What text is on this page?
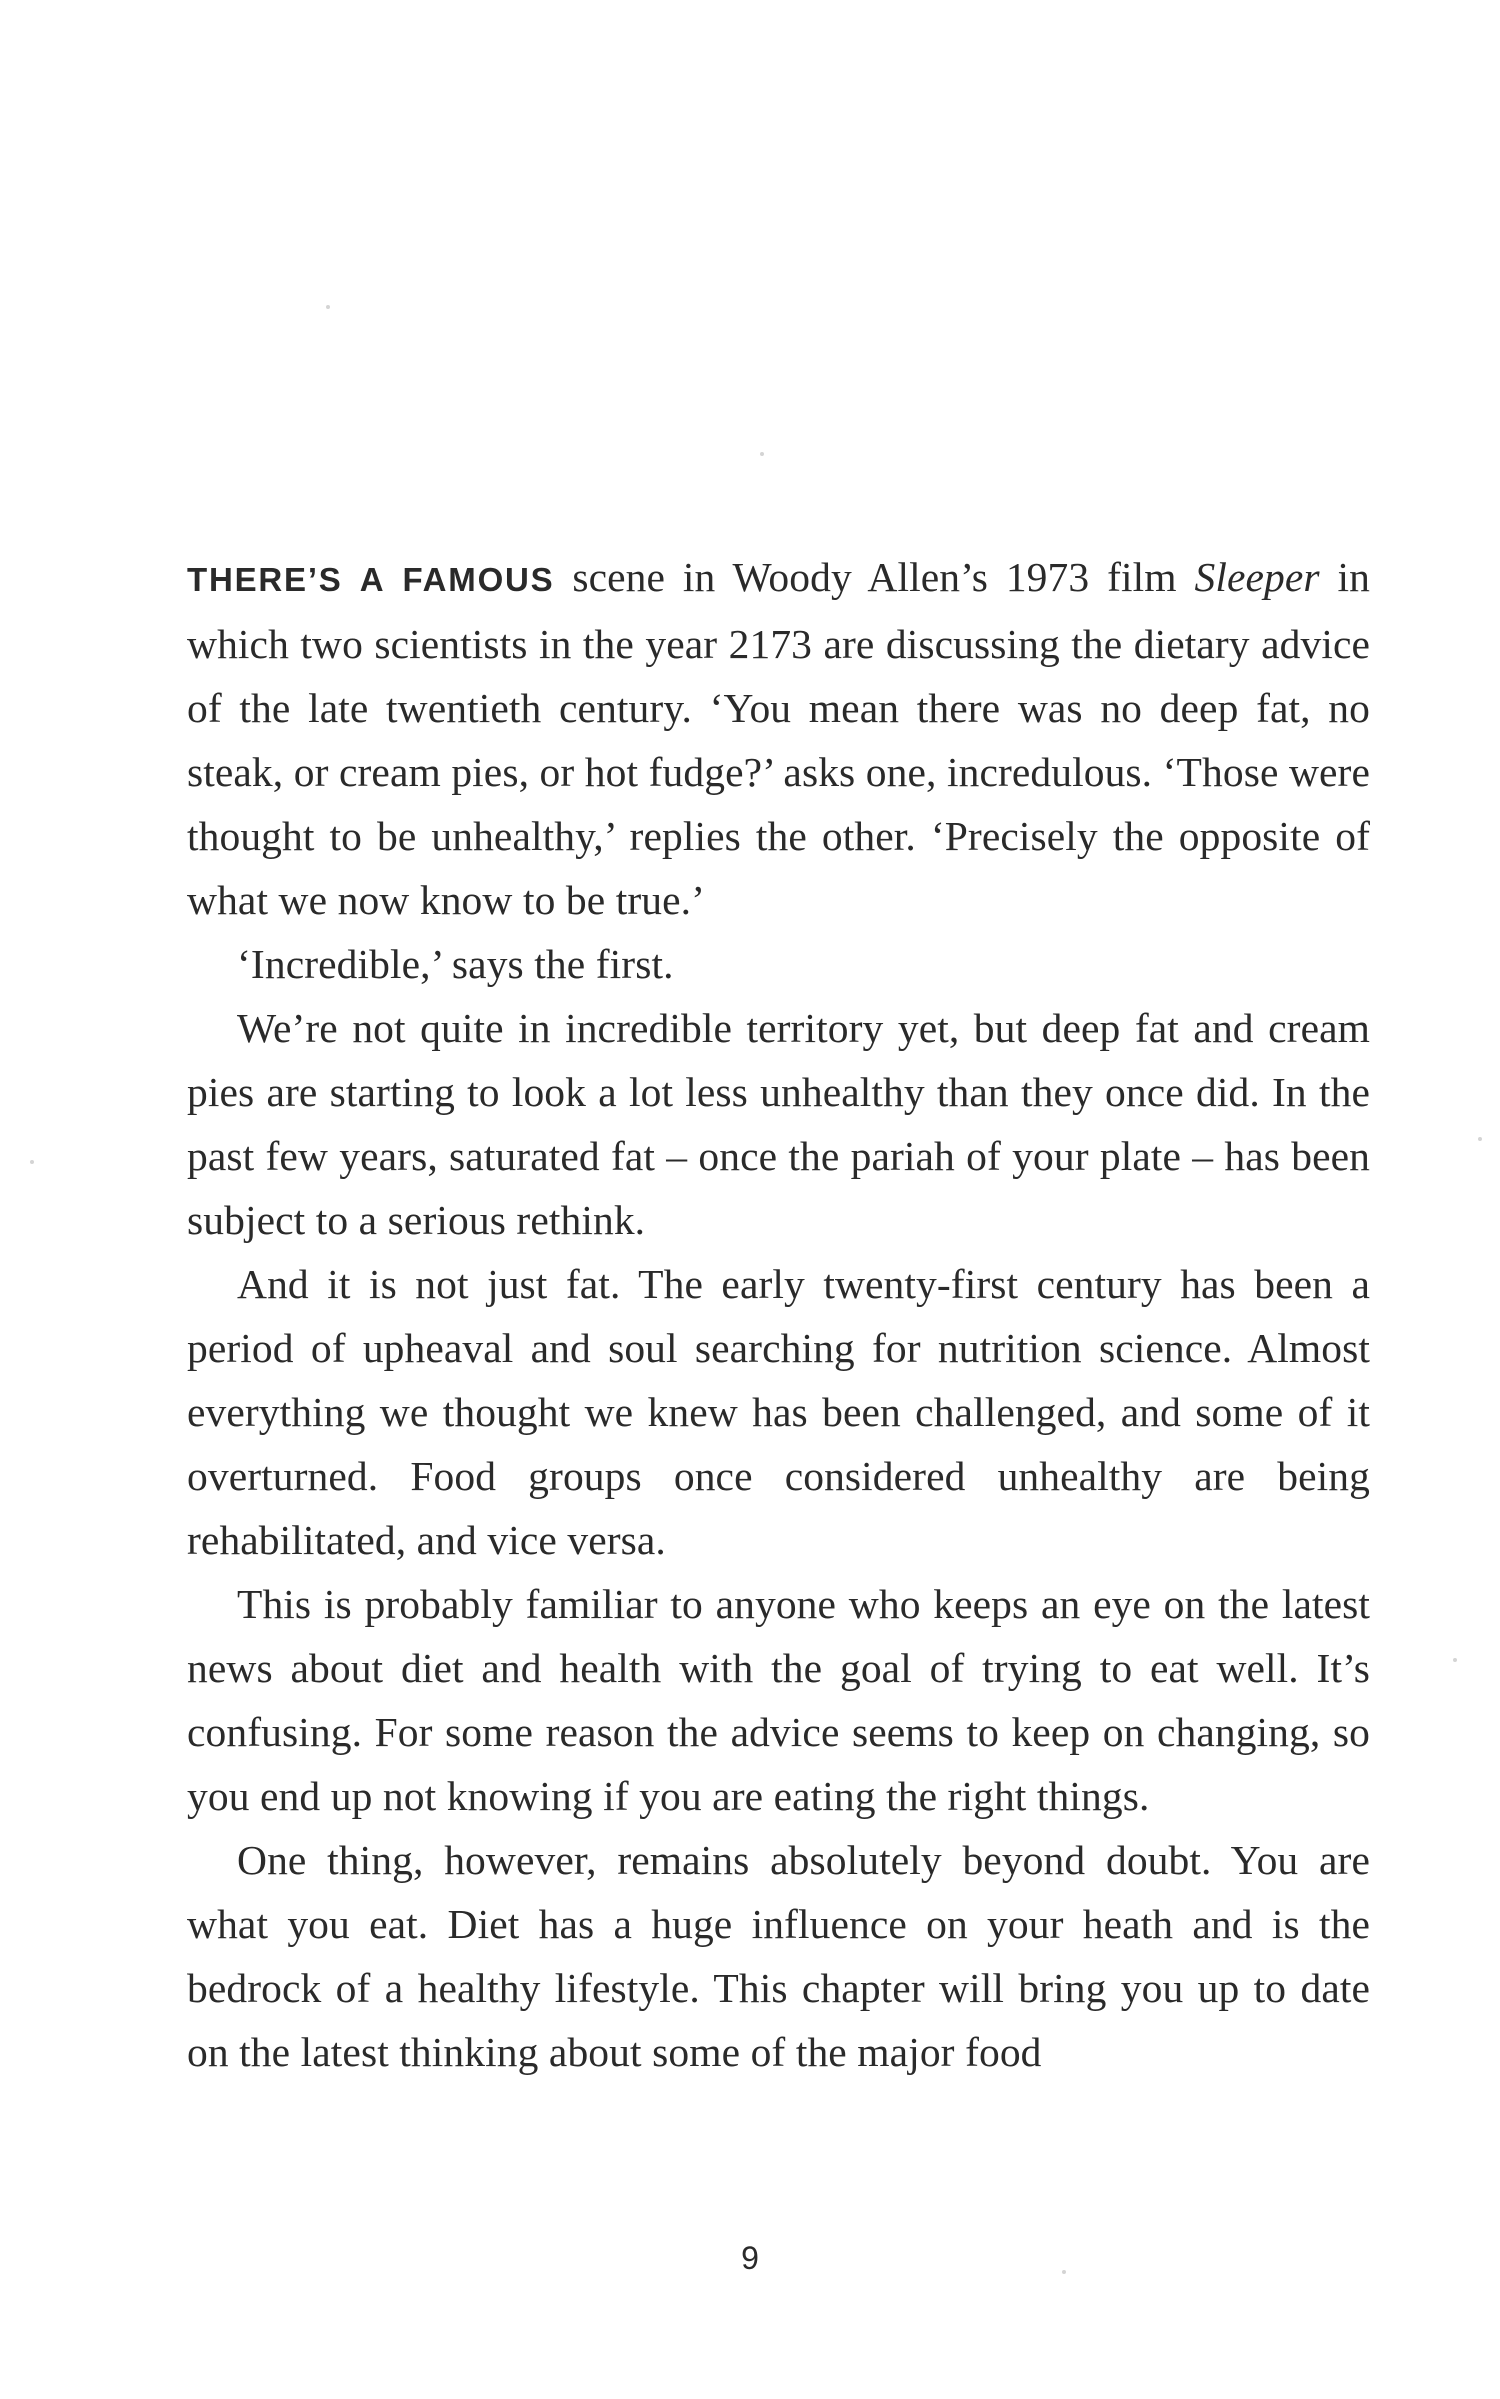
THERE’S A FAMOUS scene in Woody Allen’s 1973 film Sleeper in which two scientists in the year 2173 are discussing the dietary advice of the late twentieth century. ‘You mean there was no deep fat, no steak, or cream pies, or hot fudge?’ asks one, incredulous. ‘Those were thought to be unhealthy,’ replies the other. ‘Precisely the opposite of what we now know to be true.’

‘Incredible,’ says the first.

We’re not quite in incredible territory yet, but deep fat and cream pies are starting to look a lot less unhealthy than they once did. In the past few years, saturated fat – once the pariah of your plate – has been subject to a serious rethink.

And it is not just fat. The early twenty-first century has been a period of upheaval and soul searching for nutrition science. Almost everything we thought we knew has been challenged, and some of it overturned. Food groups once considered unhealthy are being rehabilitated, and vice versa.

This is probably familiar to anyone who keeps an eye on the latest news about diet and health with the goal of trying to eat well. It’s confusing. For some reason the advice seems to keep on changing, so you end up not knowing if you are eating the right things.

One thing, however, remains absolutely beyond doubt. You are what you eat. Diet has a huge influence on your heath and is the bedrock of a healthy lifestyle. This chapter will bring you up to date on the latest thinking about some of the major food

9
